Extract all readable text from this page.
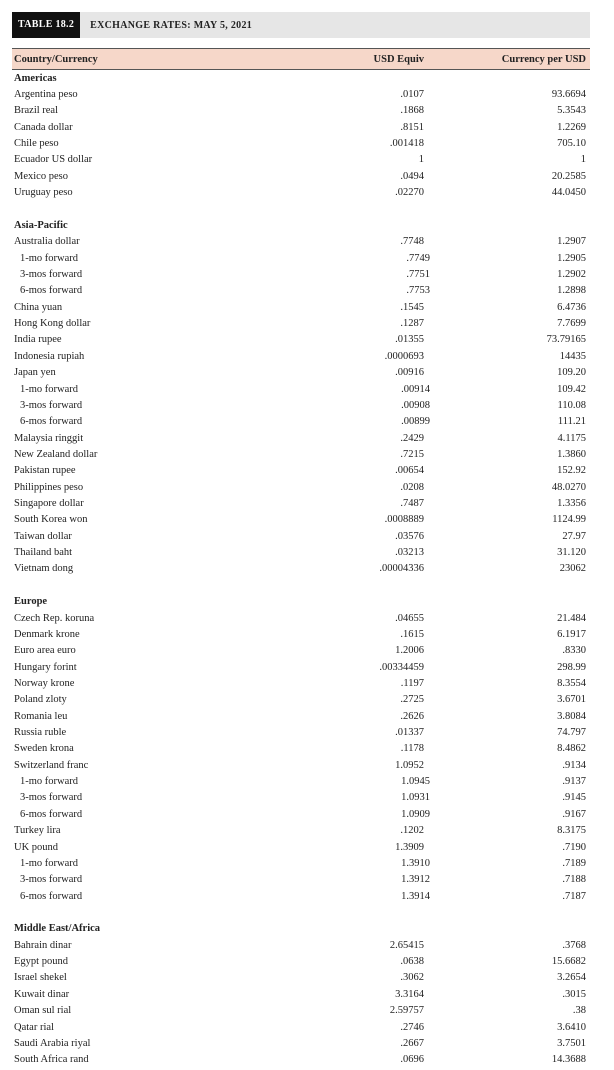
TABLE 18.2	EXCHANGE RATES: MAY 5, 2021
Country/Currency	USD Equiv	Currency per USD
Americas
Argentina peso	.0107	93.6694
Brazil real	.1868	5.3543
Canada dollar	.8151	1.2269
Chile peso	.001418	705.10
Ecuador US dollar	1	1
Mexico peso	.0494	20.2585
Uruguay peso	.02270	44.0450
Asia-Pacific
Australia dollar	.7748	1.2907
1-mo forward	.7749	1.2905
3-mos forward	.7751	1.2902
6-mos forward	.7753	1.2898
China yuan	.1545	6.4736
Hong Kong dollar	.1287	7.7699
India rupee	.01355	73.79165
Indonesia rupiah	.0000693	14435
Japan yen	.00916	109.20
1-mo forward	.00914	109.42
3-mos forward	.00908	110.08
6-mos forward	.00899	111.21
Malaysia ringgit	.2429	4.1175
New Zealand dollar	.7215	1.3860
Pakistan rupee	.00654	152.92
Philippines peso	.0208	48.0270
Singapore dollar	.7487	1.3356
South Korea won	.0008889	1124.99
Taiwan dollar	.03576	27.97
Thailand baht	.03213	31.120
Vietnam dong	.00004336	23062
Europe
Czech Rep. koruna	.04655	21.484
Denmark krone	.1615	6.1917
Euro area euro	1.2006	.8330
Hungary forint	.00334459	298.99
Norway krone	.1197	8.3554
Poland zloty	.2725	3.6701
Romania leu	.2626	3.8084
Russia ruble	.01337	74.797
Sweden krona	.1178	8.4862
Switzerland franc	1.0952	.9134
1-mo forward	1.0945	.9137
3-mos forward	1.0931	.9145
6-mos forward	1.0909	.9167
Turkey lira	.1202	8.3175
UK pound	1.3909	.7190
1-mo forward	1.3910	.7189
3-mos forward	1.3912	.7188
6-mos forward	1.3914	.7187
Middle East/Africa
Bahrain dinar	2.65415	.3768
Egypt pound	.0638	15.6682
Israel shekel	.3062	3.2654
Kuwait dinar	3.3164	.3015
Oman sul rial	2.59757	.38
Qatar rial	.2746	3.6410
Saudi Arabia riyal	.2667	3.7501
South Africa rand	.0696	14.3688
